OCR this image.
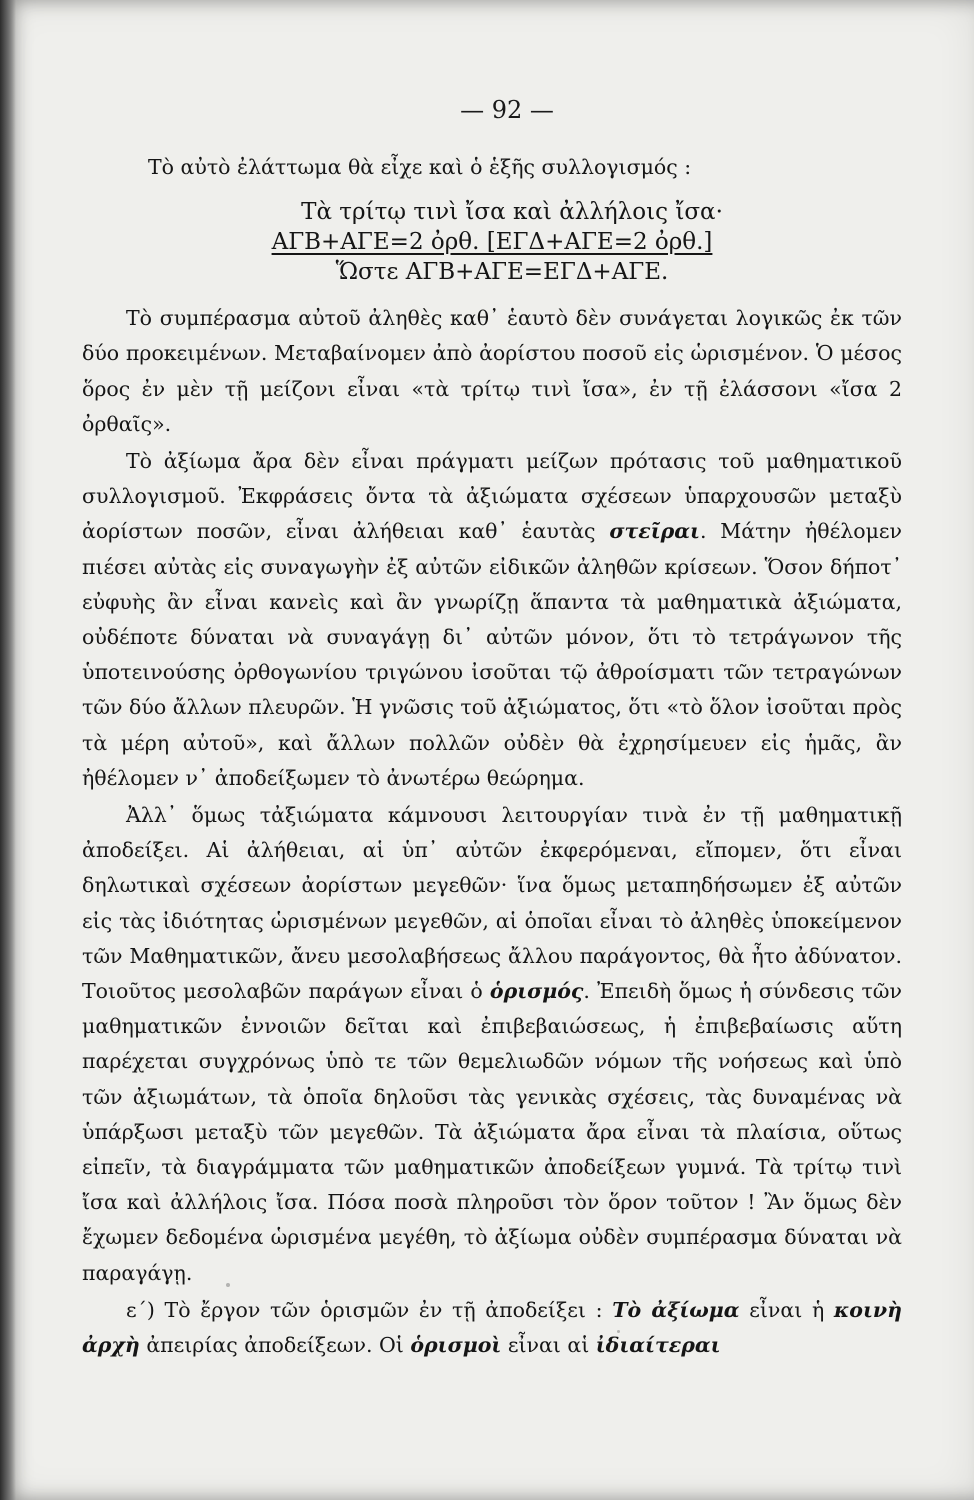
— 92 —

Τὸ αὐτὸ ἐλάττωμα θὰ εἶχε καὶ ὁ ἑξῆς συλλογισμός :

Τὰ τρίτῳ τινὶ ἴσα καὶ ἀλλήλοις ἴσα·
ΑΓΒ+ΑΓΕ=2 ὀρθ. [ΕΓΔ+ΑΓΕ=2 ὀρθ.]
Ὥστε ΑΓΒ+ΑΓΕ=ΕΓΔ+ΑΓΕ.

Τὸ συμπέρασμα αὐτοῦ ἀληθὲς καθ᾿ ἑαυτὸ δὲν συνάγεται λογικῶς ἐκ τῶν δύο προκειμένων. Μεταβαίνομεν ἀπὸ ἀορίστου ποσοῦ εἰς ὡρισμένον. Ὁ μέσος ὅρος ἐν μὲν τῇ μείζονι εἶναι «τὰ τρίτῳ τινὶ ἴσα», ἐν τῇ ἐλάσσονι «ἴσα 2 ὀρθαῖς».

Τὸ ἀξίωμα ἄρα δὲν εἶναι πράγματι μείζων πρότασις τοῦ μαθηματικοῦ συλλογισμοῦ. Ἐκφράσεις ὄντα τὰ ἀξιώματα σχέσεων ὑπαρχουσῶν μεταξὺ ἀορίστων ποσῶν, εἶναι ἀλήθειαι καθ᾿ ἑαυτὰς στεῖραι. Μάτην ἠθέλομεν πιέσει αὐτὰς εἰς συναγωγὴν ἐξ αὐτῶν εἰδικῶν ἀληθῶν κρίσεων. Ὅσον δήποτ᾿ εὐφυὴς ἂν εἶναι κανεὶς καὶ ἂν γνωρίζῃ ἅπαντα τὰ μαθηματικὰ ἀξιώματα, οὐδέποτε δύναται νὰ συναγάγῃ δι᾿ αὐτῶν μόνον, ὅτι τὸ τετράγωνον τῆς ὑποτεινούσης ὀρθογωνίου τριγώνου ἰσοῦται τῷ ἀθροίσματι τῶν τετραγώνων τῶν δύο ἄλλων πλευρῶν. Ἡ γνῶσις τοῦ ἀξιώματος, ὅτι «τὸ ὅλον ἰσοῦται πρὸς τὰ μέρη αὐτοῦ», καὶ ἄλλων πολλῶν οὐδὲν θὰ ἐχρησίμευεν εἰς ἡμᾶς, ἂν ἠθέλομεν ν᾿ ἀποδείξωμεν τὸ ἀνωτέρω θεώρημα.

Ἀλλ᾿ ὅμως τἀξιώματα κάμνουσι λειτουργίαν τινὰ ἐν τῇ μαθηματικῇ ἀποδείξει. Αἱ ἀλήθειαι, αἱ ὑπ᾿ αὐτῶν ἐκφερόμεναι, εἴπομεν, ὅτι εἶναι δηλωτικαὶ σχέσεων ἀορίστων μεγεθῶν· ἵνα ὅμως μεταπηδήσωμεν ἐξ αὐτῶν εἰς τὰς ἰδιότητας ὡρισμένων μεγεθῶν, αἱ ὁποῖαι εἶναι τὸ ἀληθὲς ὑποκείμενον τῶν Μαθηματικῶν, ἄνευ μεσολαβήσεως ἄλλου παράγοντος, θὰ ἦτο ἀδύνατον. Τοιοῦτος μεσολαβῶν παράγων εἶναι ὁ ὁρισμός. Ἐπειδὴ ὅμως ἡ σύνδεσις τῶν μαθηματικῶν ἐννοιῶν δεῖται καὶ ἐπιβεβαιώσεως, ἡ ἐπιβεβαίωσις αὕτη παρέχεται συγχρόνως ὑπὸ τε τῶν θεμελιωδῶν νόμων τῆς νοήσεως καὶ ὑπὸ τῶν ἀξιωμάτων, τὰ ὁποῖα δηλοῦσι τὰς γενικὰς σχέσεις, τὰς δυναμένας νὰ ὑπάρξωσι μεταξὺ τῶν μεγεθῶν. Τὰ ἀξιώματα ἄρα εἶναι τὰ πλαίσια, οὕτως εἰπεῖν, τὰ διαγράμματα τῶν μαθηματικῶν ἀποδείξεων γυμνά. Τὰ τρίτῳ τινὶ ἴσα καὶ ἀλλήλοις ἴσα. Πόσα ποσὰ πληροῦσι τὸν ὅρον τοῦτον ! Ἂν ὅμως δὲν ἔχωμεν δεδομένα ὡρισμένα μεγέθη, τὸ ἀξίωμα οὐδὲν συμπέρασμα δύναται νὰ παραγάγῃ.

ε΄) Τὸ ἔργον τῶν ὁρισμῶν ἐν τῇ ἀποδείξει : Τὸ ἀξίωμα εἶναι ἡ κοινὴ ἀρχὴ ἀπειρίας ἀποδείξεων. Οἱ ὁρισμοὶ εἶναι αἱ ἰδιαίτεραι
